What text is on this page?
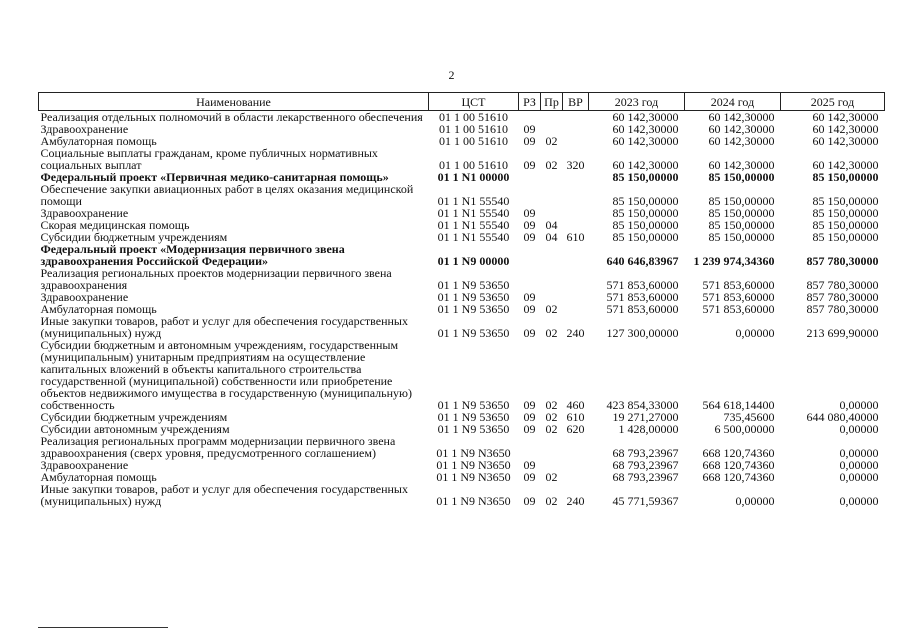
2
Наименование	ЦСТ	РЗ	Пр	ВР	2023 год	2024 год	2025 год
Реализация отдельных полномочий в области лекарственного обеспечения	01 1 00 51610				60 142,30000	60 142,30000	60 142,30000
Здравоохранение	01 1 00 51610	09			60 142,30000	60 142,30000	60 142,30000
Амбулаторная помощь	01 1 00 51610	09	02		60 142,30000	60 142,30000	60 142,30000
Социальные выплаты гражданам, кроме публичных нормативных социальных выплат	01 1 00 51610	09	02	320	60 142,30000	60 142,30000	60 142,30000
Федеральный проект «Первичная медико-санитарная помощь»	01 1 N1 00000				85 150,00000	85 150,00000	85 150,00000
Обеспечение закупки авиационных работ в целях оказания медицинской помощи	01 1 N1 55540				85 150,00000	85 150,00000	85 150,00000
Здравоохранение	01 1 N1 55540	09			85 150,00000	85 150,00000	85 150,00000
Скорая медицинская помощь	01 1 N1 55540	09	04		85 150,00000	85 150,00000	85 150,00000
Субсидии бюджетным учреждениям	01 1 N1 55540	09	04	610	85 150,00000	85 150,00000	85 150,00000
Федеральный проект «Модернизация первичного звена здравоохранения Российской Федерации»	01 1 N9 00000				640 646,83967	1 239 974,34360	857 780,30000
Реализация региональных проектов модернизации первичного звена здравоохранения	01 1 N9 53650				571 853,60000	571 853,60000	857 780,30000
Здравоохранение	01 1 N9 53650	09			571 853,60000	571 853,60000	857 780,30000
Амбулаторная помощь	01 1 N9 53650	09	02		571 853,60000	571 853,60000	857 780,30000
Иные закупки товаров, работ и услуг для обеспечения государственных (муниципальных) нужд	01 1 N9 53650	09	02	240	127 300,00000	0,00000	213 699,90000
Субсидии бюджетным и автономным учреждениям, государственным (муниципальным) унитарным предприятиям на осуществление капитальных вложений в объекты капитального строительства государственной (муниципальной) собственности или приобретение объектов недвижимого имущества в государственную (муниципальную) собственность	01 1 N9 53650	09	02	460	423 854,33000	564 618,14400	0,00000
Субсидии бюджетным учреждениям	01 1 N9 53650	09	02	610	19 271,27000	735,45600	644 080,40000
Субсидии автономным учреждениям	01 1 N9 53650	09	02	620	1 428,00000	6 500,00000	0,00000
Реализация региональных программ модернизации первичного звена здравоохранения (сверх уровня, предусмотренного соглашением)	01 1 N9 N3650				68 793,23967	668 120,74360	0,00000
Здравоохранение	01 1 N9 N3650	09			68 793,23967	668 120,74360	0,00000
Амбулаторная помощь	01 1 N9 N3650	09	02		68 793,23967	668 120,74360	0,00000
Иные закупки товаров, работ и услуг для обеспечения государственных (муниципальных) нужд	01 1 N9 N3650	09	02	240	45 771,59367	0,00000	0,00000
